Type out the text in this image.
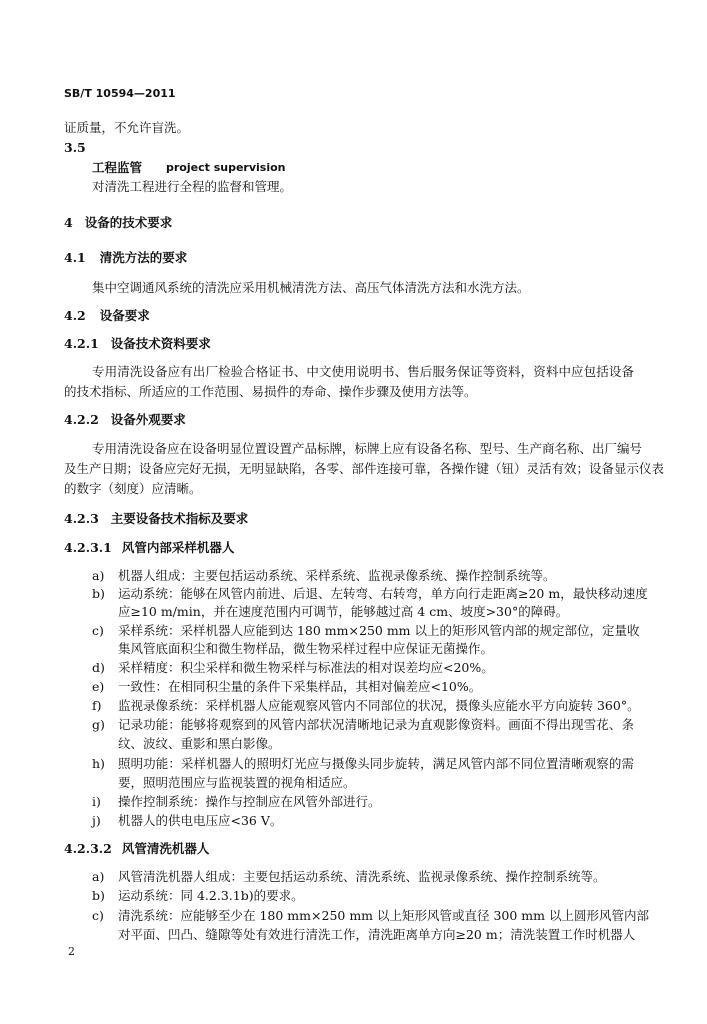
SB/T 10594—2011
证质量，不允许盲洗。
3.5
工程监管 project supervision
对清洗工程进行全程的监督和管理。
4 设备的技术要求
4.1 清洗方法的要求
集中空调通风系统的清洗应采用机械清洗方法、高压气体清洗方法和水洗方法。
4.2 设备要求
4.2.1 设备技术资料要求
专用清洗设备应有出厂检验合格证书、中文使用说明书、售后服务保证等资料，资料中应包括设备
的技术指标、所适应的工作范围、易损件的寿命、操作步骤及使用方法等。
4.2.2 设备外观要求
专用清洗设备应在设备明显位置设置产品标牌，标牌上应有设备名称、型号、生产商名称、出厂编号
及生产日期；设备应完好无损，无明显缺陷，各零、部件连接可靠，各操作键（钮）灵活有效；设备显示仪表
的数字（刻度）应清晰。
4.2.3 主要设备技术指标及要求
4.2.3.1 风管内部采样机器人
a) 机器人组成：主要包括运动系统、采样系统、监视录像系统、操作控制系统等。
b) 运动系统：能够在风管内前进、后退、左转弯、右转弯，单方向行走距离≥20 m，最快移动速度
应≥10 m/min，并在速度范围内可调节，能够越过高 4 cm、坡度>30°的障碍。
c) 采样系统：采样机器人应能到达 180 mm×250 mm 以上的矩形风管内部的规定部位，定量收
集风管底面积尘和微生物样品，微生物采样过程中应保证无菌操作。
d) 采样精度：积尘采样和微生物采样与标准法的相对误差均应<20%。
e) 一致性：在相同积尘量的条件下采集样品，其相对偏差应<10%。
f) 监视录像系统：采样机器人应能观察风管内不同部位的状况，摄像头应能水平方向旋转 360°。
g) 记录功能：能够将观察到的风管内部状况清晰地记录为直观影像资料。画面不得出现雪花、条
纹、波纹、重影和黑白影像。
h) 照明功能：采样机器人的照明灯光应与摄像头同步旋转，满足风管内部不同位置清晰观察的需
要，照明范围应与监视装置的视角相适应。
i) 操作控制系统：操作与控制应在风管外部进行。
j) 机器人的供电电压应<36 V。
4.2.3.2 风管清洗机器人
a) 风管清洗机器人组成：主要包括运动系统、清洗系统、监视录像系统、操作控制系统等。
b) 运动系统：同 4.2.3.1b)的要求。
c) 清洗系统：应能够至少在 180 mm×250 mm 以上矩形风管或直径 300 mm 以上圆形风管内部
对平面、凹凸、缝隙等处有效进行清洗工作，清洗距离单方向≥20 m；清洗装置工作时机器人
2
